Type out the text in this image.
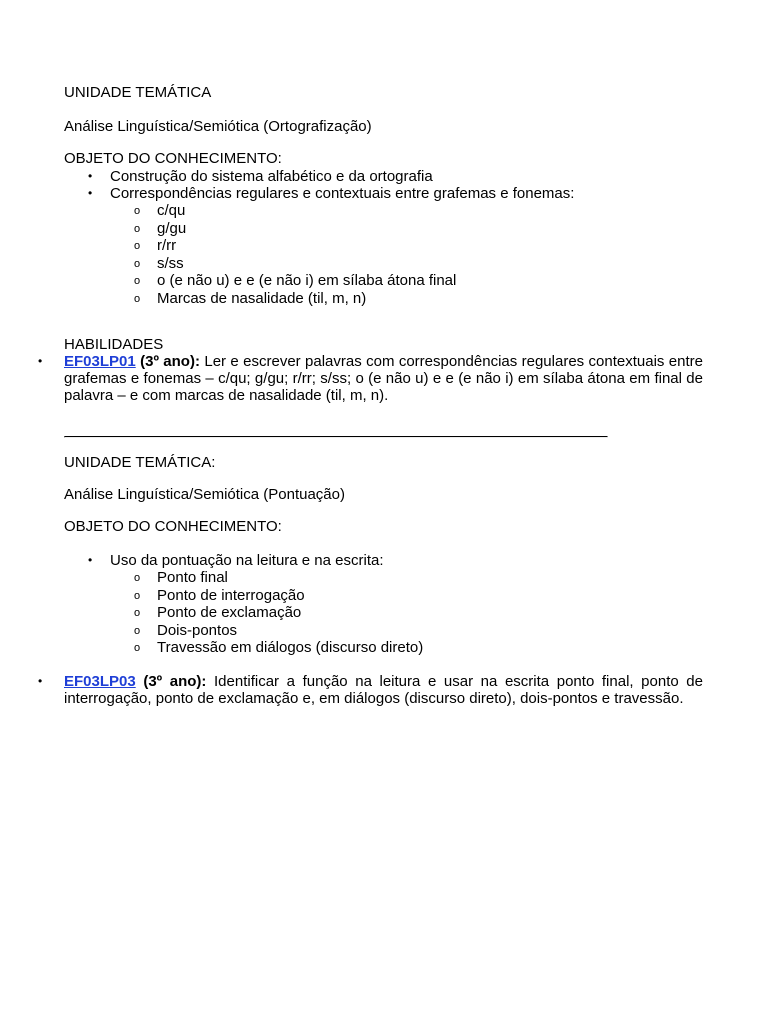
UNIDADE TEMÁTICA

Análise Linguística/Semiótica (Ortografização)

OBJETO DO CONHECIMENTO:

• Construção do sistema alfabético e da ortografia
• Correspondências regulares e contextuais entre grafemas e fonemas:
o c/qu
o g/gu
o r/rr
o s/ss
o o (e não u) e e (e não i) em sílaba átona final
o Marcas de nasalidade (til, m, n)

HABILIDADES

• EF03LP01 (3º ano): Ler e escrever palavras com correspondências regulares contextuais entre grafemas e fonemas – c/qu; g/gu; r/rr; s/ss; o (e não u) e e (e não i) em sílaba átona em final de palavra – e com marcas de nasalidade (til, m, n).

UNIDADE TEMÁTICA:

Análise Linguística/Semiótica (Pontuação)

OBJETO DO CONHECIMENTO:

• Uso da pontuação na leitura e na escrita:
o Ponto final
o Ponto de interrogação
o Ponto de exclamação
o Dois-pontos
o Travessão em diálogos (discurso direto)
• EF03LP03 (3º ano): Identificar a função na leitura e usar na escrita ponto final, ponto de interrogação, ponto de exclamação e, em diálogos (discurso direto), dois-pontos e travessão.
